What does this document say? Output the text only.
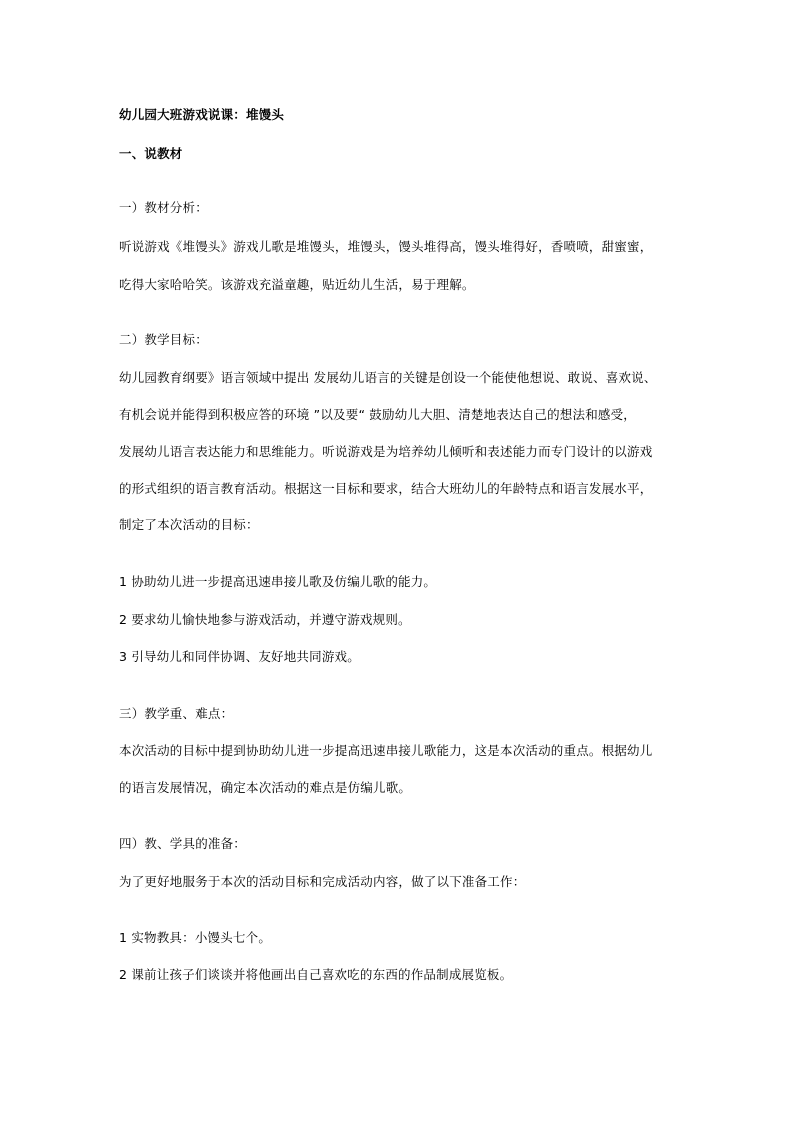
幼儿园大班游戏说课：堆馒头
一、说教材
一）教材分析：
听说游戏《堆馒头》游戏儿歌是堆馒头，堆馒头，馒头堆得高，馒头堆得好，香喷喷，甜蜜蜜，
吃得大家哈哈笑。该游戏充溢童趣，贴近幼儿生活，易于理解。
二）教学目标：
幼儿园教育纲要》语言领域中提出 发展幼儿语言的关键是创设一个能使他想说、敢说、喜欢说、
有机会说并能得到积极应答的环境 ”以及要“ 鼓励幼儿大胆、清楚地表达自己的想法和感受，
发展幼儿语言表达能力和思维能力。听说游戏是为培养幼儿倾听和表述能力而专门设计的以游戏
的形式组织的语言教育活动。根据这一目标和要求，结合大班幼儿的年龄特点和语言发展水平，
制定了本次活动的目标：
1 协助幼儿进一步提高迅速串接儿歌及仿编儿歌的能力。
2 要求幼儿愉快地参与游戏活动，并遵守游戏规则。
3 引导幼儿和同伴协调、友好地共同游戏。
三）教学重、难点：
本次活动的目标中提到协助幼儿进一步提高迅速串接儿歌能力，这是本次活动的重点。根据幼儿
的语言发展情况，确定本次活动的难点是仿编儿歌。
四）教、学具的准备：
为了更好地服务于本次的活动目标和完成活动内容，做了以下准备工作：
1 实物教具：小馒头七个。
2 课前让孩子们谈谈并将他画出自己喜欢吃的东西的作品制成展览板。
